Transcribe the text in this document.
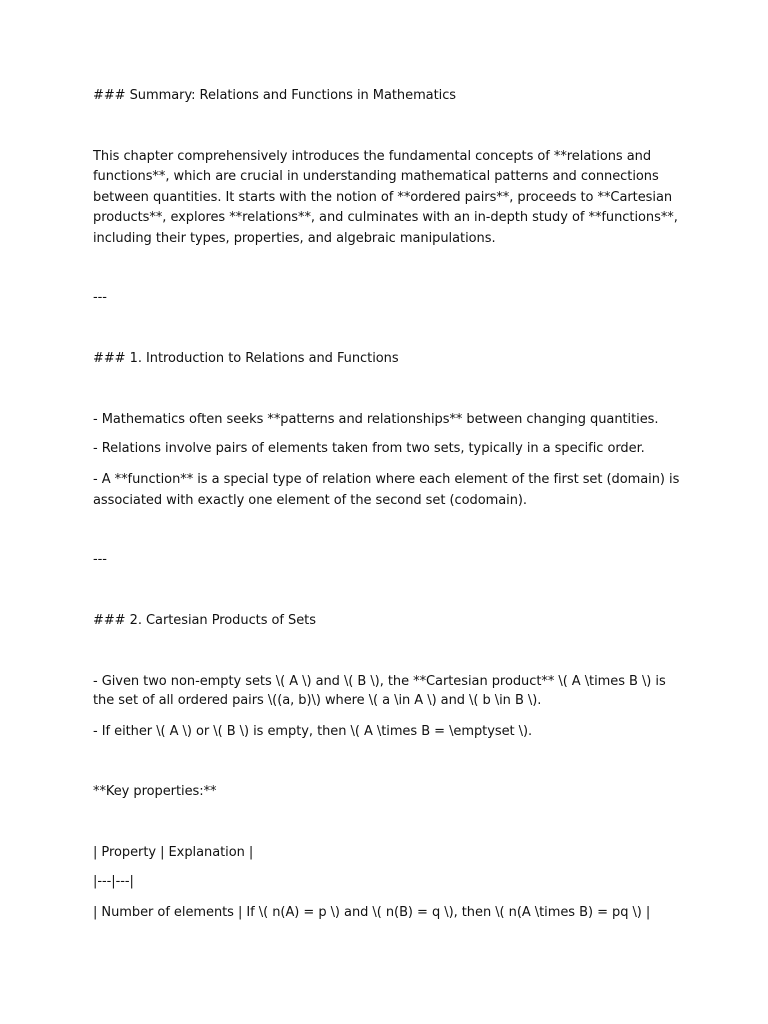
### Summary: Relations and Functions in Mathematics
This chapter comprehensively introduces the fundamental concepts of **relations and
functions**, which are crucial in understanding mathematical patterns and connections
between quantities. It starts with the notion of **ordered pairs**, proceeds to **Cartesian
products**, explores **relations**, and culminates with an in-depth study of **functions**,
including their types, properties, and algebraic manipulations.
---
### 1. Introduction to Relations and Functions
- Mathematics often seeks **patterns and relationships** between changing quantities.
- Relations involve pairs of elements taken from two sets, typically in a specific order.
- A **function** is a special type of relation where each element of the first set (domain) is
associated with exactly one element of the second set (codomain).
---
### 2. Cartesian Products of Sets
- Given two non-empty sets \( A \) and \( B \), the **Cartesian product** \( A \times B \) is
the set of all ordered pairs \((a, b)\) where \( a \in A \) and \( b \in B \).
- If either \( A \) or \( B \) is empty, then \( A \times B = \emptyset \).
**Key properties:**
| Property | Explanation |
|---|---|
| Number of elements | If \( n(A) = p \) and \( n(B) = q \), then \( n(A \times B) = pq \) |
